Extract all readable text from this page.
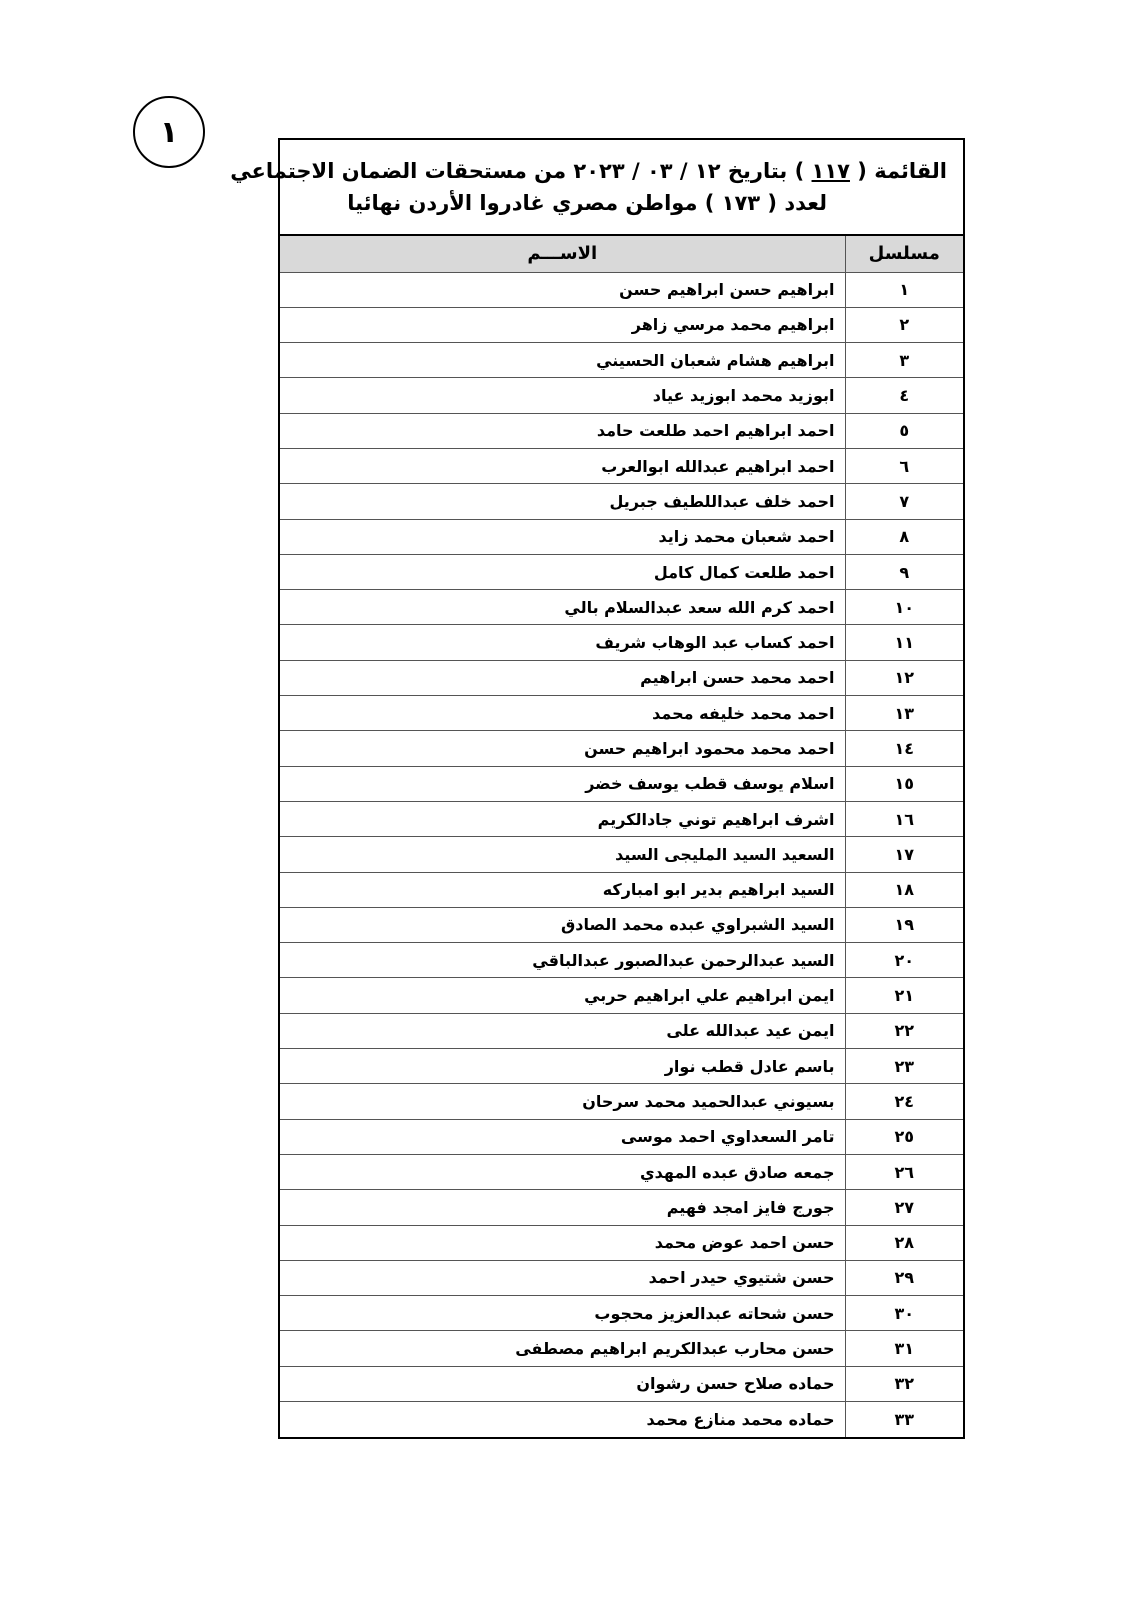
١
القائمة ( ١١٧ ) بتاريخ ١٢ / ٠٣ / ٢٠٢٣ من مستحقات الضمان الاجتماعي
لعدد ( ١٧٣ ) مواطن مصري غادروا الأردن نهائيا
مسلسل	الاســـم
١	ابراهيم حسن ابراهيم حسن
٢	ابراهيم محمد مرسي زاهر
٣	ابراهيم هشام شعبان الحسيني
٤	ابوزيد محمد ابوزيد عياد
٥	احمد ابراهيم احمد طلعت حامد
٦	احمد ابراهيم عبدالله ابوالعرب
٧	احمد خلف عبداللطيف جبريل
٨	احمد شعبان محمد زايد
٩	احمد طلعت كمال كامل
١٠	احمد كرم الله سعد عبدالسلام بالي
١١	احمد كساب عبد الوهاب شريف
١٢	احمد محمد حسن ابراهيم
١٣	احمد محمد خليفه محمد
١٤	احمد محمد محمود ابراهيم حسن
١٥	اسلام يوسف قطب يوسف خضر
١٦	اشرف ابراهيم توني جادالكريم
١٧	السعيد السيد المليجى السيد
١٨	السيد ابراهيم بدير ابو امباركه
١٩	السيد الشبراوي عبده محمد الصادق
٢٠	السيد عبدالرحمن عبدالصبور عبدالباقي
٢١	ايمن ابراهيم علي ابراهيم حربي
٢٢	ايمن عيد عبدالله على
٢٣	باسم عادل قطب نوار
٢٤	بسيوني عبدالحميد محمد سرحان
٢٥	تامر السعداوي احمد موسى
٢٦	جمعه صادق عبده المهدي
٢٧	جورج فايز امجد فهيم
٢٨	حسن احمد عوض محمد
٢٩	حسن شتيوي حيدر احمد
٣٠	حسن شحاته عبدالعزيز محجوب
٣١	حسن محارب عبدالكريم ابراهيم مصطفى
٣٢	حماده صلاح حسن رشوان
٣٣	حماده محمد منازع محمد
